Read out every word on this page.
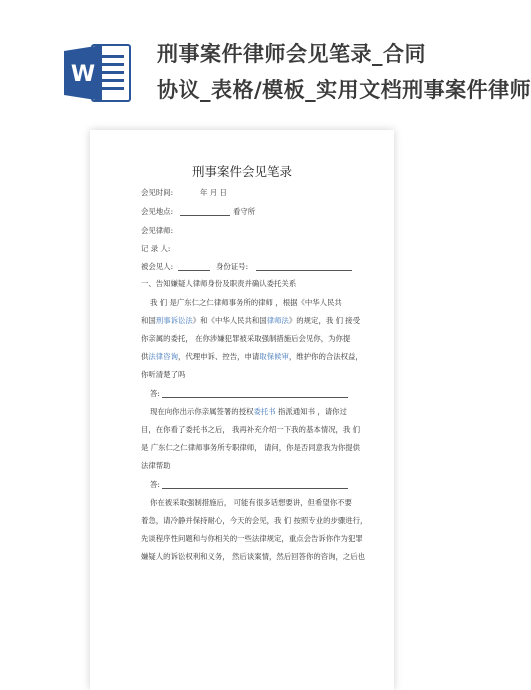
W
刑事案件律师会见笔录_合同
协议_表格/模板_实用文档刑事案件律师
刑事案件会见笔录
会见时间:	年 月 日
会见地点:	看守所
会见律师:
记 录 人:
被会见人:	身份证号:
一、告知嫌疑人律师身份及职责并确认委托关系
我 们 是广东仁之仁律师事务所的律师 ，根据《中华人民共
和国刑事诉讼法》和《中华人民共和国律师法》的规定，我 们 接受
你亲属的委托， 在你涉嫌犯罪被采取强制措施后会见你，为你提
供法律咨询，代理申诉、控告，申请取保候审，维护你的合法权益，
你听清楚了吗
答:
现在向你出示你亲属签署的授权委托书 指派通知书 ，请你过
目，在你看了委托书之后， 我再补充介绍一下我的基本情况，我 们
是 广东仁之仁律师事务所专职律师， 请问，你是否同意我为你提供
法律帮助
答:
你在被采取强制措施后， 可能有很多话想要讲，但希望你不要
着急，请冷静并保持耐心，今天的会见，我 们 按照专业的步骤进行，
先谈程序性问题和与你相关的一些法律规定，重点会告诉你作为犯罪
嫌疑人的诉讼权利和义务， 然后谈案情，然后回答你的咨询，之后也
